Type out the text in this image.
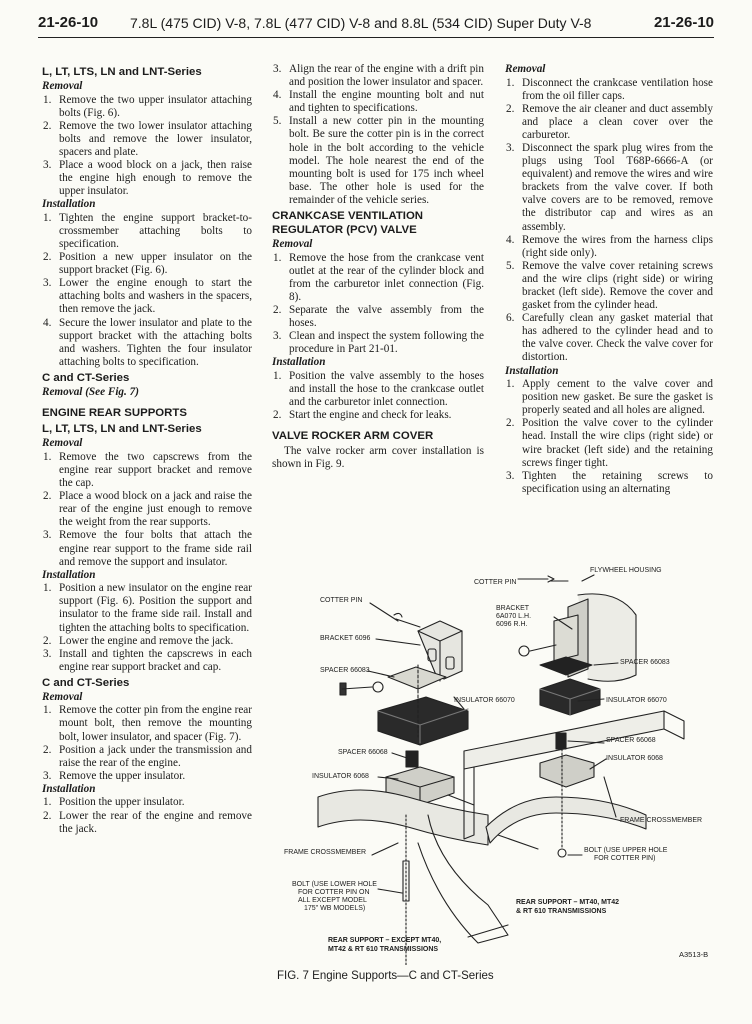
21-26-10 7.8L (475 CID) V-8, 7.8L (477 CID) V-8 and 8.8L (534 CID) Super Duty V-8	21-26-10
L, LT, LTS, LN and LNT-Series
Removal
1. Remove the two upper insulator attaching bolts (Fig. 6).
2. Remove the two lower insulator attaching bolts and remove the lower insulator, spacers and plate.
3. Place a wood block on a jack, then raise the engine high enough to remove the upper insulator.
Installation
1. Tighten the engine support bracket-to-crossmember attaching bolts to specification.
2. Position a new upper insulator on the support bracket (Fig. 6).
3. Lower the engine enough to start the attaching bolts and washers in the spacers, then remove the jack.
4. Secure the lower insulator and plate to the support bracket with the attaching bolts and washers. Tighten the four insulator attaching bolts to specification.
C and CT-Series
Removal (See Fig. 7)
ENGINE REAR SUPPORTS
L, LT, LTS, LN and LNT-Series
Removal
1. Remove the two capscrews from the engine rear support bracket and remove the cap.
2. Place a wood block on a jack and raise the rear of the engine just enough to remove the weight from the rear supports.
3. Remove the four bolts that attach the engine rear support to the frame side rail and remove the support and insulator.
Installation
1. Position a new insulator on the engine rear support (Fig. 6). Position the support and insulator to the frame side rail. Install and tighten the attaching bolts to specification.
2. Lower the engine and remove the jack.
3. Install and tighten the capscrews in each engine rear support bracket and cap.
C and CT-Series
Removal
1. Remove the cotter pin from the engine rear mount bolt, then remove the mounting bolt, lower insulator, and spacer (Fig. 7).
2. Position a jack under the transmission and raise the rear of the engine.
3. Remove the upper insulator.
Installation
1. Position the upper insulator.
2. Lower the rear of the engine and remove the jack.
3. Align the rear of the engine with a drift pin and position the lower insulator and spacer.
4. Install the engine mounting bolt and nut and tighten to specifications.
5. Install a new cotter pin in the mounting bolt. Be sure the cotter pin is in the correct hole in the bolt according to the vehicle model. The hole nearest the end of the mounting bolt is used for 175 inch wheel base. The other hole is used for the remainder of the vehicle series.
CRANKCASE VENTILATION REGULATOR (PCV) VALVE
Removal
1. Remove the hose from the crankcase vent outlet at the rear of the cylinder block and from the carburetor inlet connection (Fig. 8).
2. Separate the valve assembly from the hoses.
3. Clean and inspect the system following the procedure in Part 21-01.
Installation
1. Position the valve assembly to the hoses and install the hose to the crankcase outlet and the carburetor inlet connection.
2. Start the engine and check for leaks.
VALVE ROCKER ARM COVER

The valve rocker arm cover installation is shown in Fig. 9.

Removal
1. Disconnect the crankcase ventilation hose from the oil filler caps.
2. Remove the air cleaner and duct assembly and place a clean cover over the carburetor.
3. Disconnect the spark plug wires from the plugs using Tool T68P-6666-A (or equivalent) and remove the wires and wire brackets from the valve cover. If both valve covers are to be removed, remove the distributor cap and wires as an assembly.
4. Remove the wires from the harness clips (right side only).
5. Remove the valve cover retaining screws and the wire clips (right side) or wiring bracket (left side). Remove the cover and gasket from the cylinder head.
6. Carefully clean any gasket material that has adhered to the cylinder head and to the valve cover. Check the valve cover for distortion.
Installation
1. Apply cement to the valve cover and position new gasket. Be sure the gasket is properly seated and all holes are aligned.
2. Position the valve cover to the cylinder head. Install the wire clips (right side) or wire bracket (left side) and the retaining screws finger tight.
3. Tighten the retaining screws to specification using an alternating
FLYWHEEL HOUSING
COTTER PIN
COTTER PIN
BRACKET
6A070 L.H.
6096 R.H.
BRACKET 6096
SPACER 66083
SPACER 66083
INSULATOR 66070	INSULATOR 66070
SPACER 66068
SPACER 66068
INSULATOR 6068
INSULATOR 6068
FRAME CROSSMEMBER
FRAME CROSSMEMBER	BOLT (USE UPPER HOLE
FOR COTTER PIN)
BOLT (USE LOWER HOLE
FOR COTTER PIN ON
ALL EXCEPT MODEL
175" WB MODELS)
REAR SUPPORT – MT40, MT42
& RT 610 TRANSMISSIONS
REAR SUPPORT – EXCEPT MT40,
MT42 & RT 610 TRANSMISSIONS
A3513-B
FIG. 7 Engine Supports—C and CT-Series
